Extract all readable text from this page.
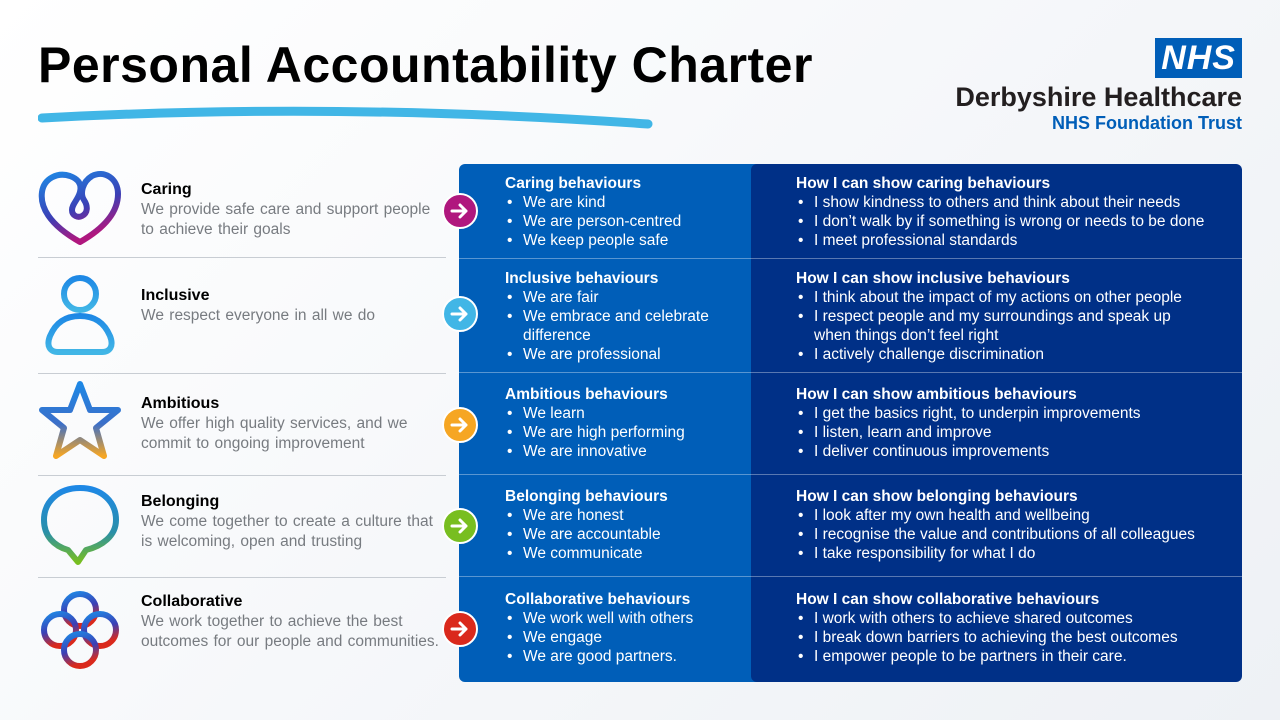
Personal Accountability Charter	NHS
Derbyshire Healthcare
NHS Foundation Trust
Caring
We provide safe care and support people to achieve their goals
Inclusive
We respect everyone in all we do
Ambitious
We offer high quality services, and we commit to ongoing improvement
Belonging
We come together to create a culture that is welcoming, open and trusting
Collaborative
We work together to achieve the best outcomes for our people and communities.
Caring behaviours
• We are kind
• We are person-centred
• We keep people safe
How I can show caring behaviours
• I show kindness to others and think about their needs
• I don’t walk by if something is wrong or needs to be done
• I meet professional standards
Inclusive behaviours
• We are fair
• We embrace and celebrate difference
• We are professional
How I can show inclusive behaviours
• I think about the impact of my actions on other people
• I respect people and my surroundings and speak up when things don’t feel right
• I actively challenge discrimination
Ambitious behaviours
• We learn
• We are high performing
• We are innovative
How I can show ambitious behaviours
• I get the basics right, to underpin improvements
• I listen, learn and improve
• I deliver continuous improvements
Belonging behaviours
• We are honest
• We are accountable
• We communicate
How I can show belonging behaviours
• I look after my own health and wellbeing
• I recognise the value and contributions of all colleagues
• I take responsibility for what I do
Collaborative behaviours
• We work well with others
• We engage
• We are good partners.
How I can show collaborative behaviours
• I work with others to achieve shared outcomes
• I break down barriers to achieving the best outcomes
• I empower people to be partners in their care.
